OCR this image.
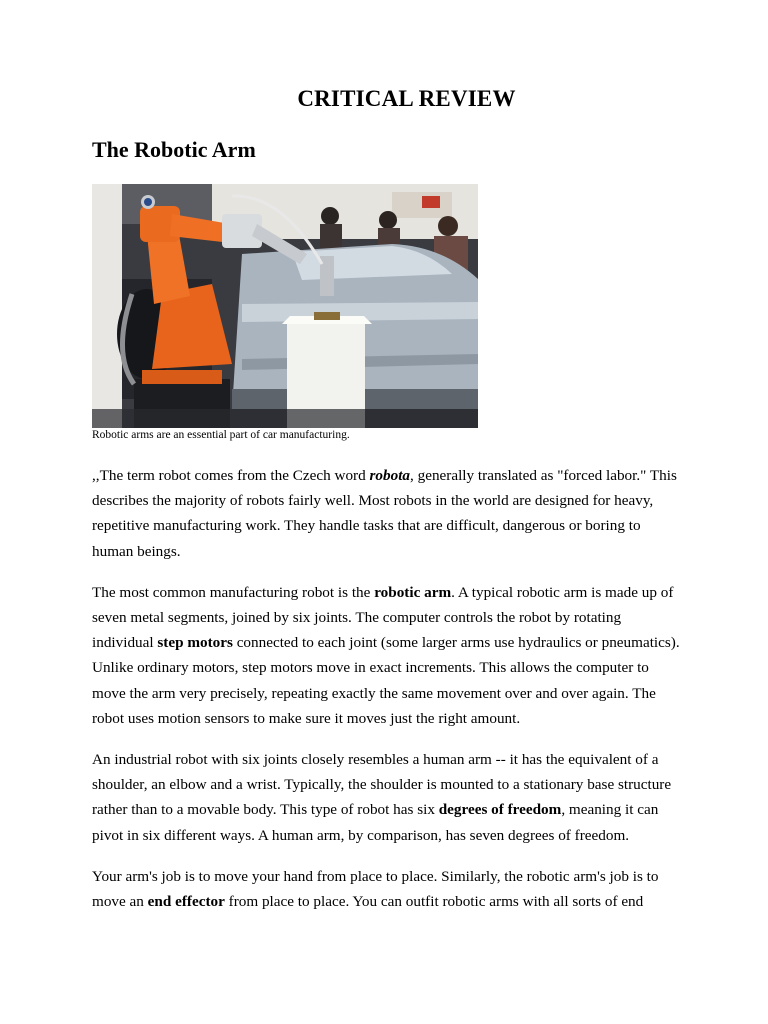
CRITICAL REVIEW
The Robotic Arm

Robotic arms are an essential part of car manufacturing.

,,The term robot comes from the Czech word robota, generally translated as "forced labor." This describes the majority of robots fairly well. Most robots in the world are designed for heavy, repetitive manufacturing work. They handle tasks that are difficult, dangerous or boring to human beings.

The most common manufacturing robot is the robotic arm. A typical robotic arm is made up of seven metal segments, joined by six joints. The computer controls the robot by rotating individual step motors connected to each joint (some larger arms use hydraulics or pneumatics). Unlike ordinary motors, step motors move in exact increments. This allows the computer to move the arm very precisely, repeating exactly the same movement over and over again. The robot uses motion sensors to make sure it moves just the right amount.

An industrial robot with six joints closely resembles a human arm -- it has the equivalent of a shoulder, an elbow and a wrist. Typically, the shoulder is mounted to a stationary base structure rather than to a movable body. This type of robot has six degrees of freedom, meaning it can pivot in six different ways. A human arm, by comparison, has seven degrees of freedom.

Your arm's job is to move your hand from place to place. Similarly, the robotic arm's job is to move an end effector from place to place. You can outfit robotic arms with all sorts of end
